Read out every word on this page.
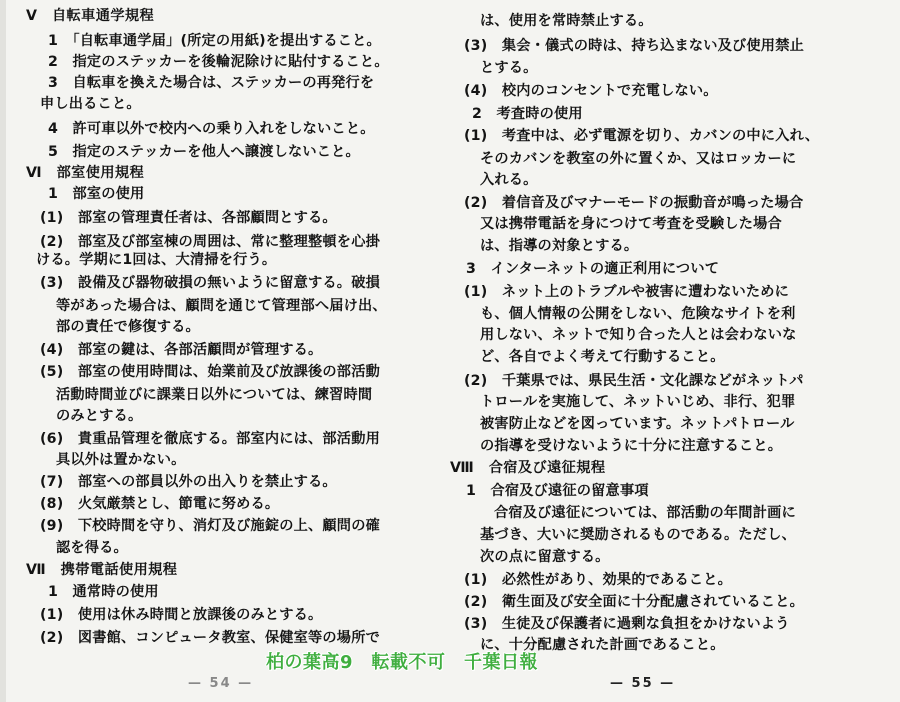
Ⅴ　自転車通学規程
1　「自転車通学届」(所定の用紙)を提出すること。
2　指定のステッカーを後輪泥除けに貼付すること。
3　自転車を換えた場合は、ステッカーの再発行を
申し出ること。
4　許可車以外で校内への乗り入れをしないこと。
5　指定のステッカーを他人へ譲渡しないこと。
Ⅵ　部室使用規程
1　部室の使用
(1)　部室の管理責任者は、各部顧問とする。
(2)　部室及び部室棟の周囲は、常に整理整頓を心掛
ける。学期に1回は、大清掃を行う。
(3)　設備及び器物破損の無いように留意する。破損
等があった場合は、顧問を通じて管理部へ届け出、
部の責任で修復する。
(4)　部室の鍵は、各部活顧問が管理する。
(5)　部室の使用時間は、始業前及び放課後の部活動
活動時間並びに課業日以外については、練習時間
のみとする。
(6)　貴重品管理を徹底する。部室内には、部活動用
具以外は置かない。
(7)　部室への部員以外の出入りを禁止する。
(8)　火気厳禁とし、節電に努める。
(9)　下校時間を守り、消灯及び施錠の上、顧問の確
認を得る。
Ⅶ　携帯電話使用規程
1　通常時の使用
(1)　使用は休み時間と放課後のみとする。
(2)　図書館、コンピュータ教室、保健室等の場所で
は、使用を常時禁止する。
(3)　集会・儀式の時は、持ち込まない及び使用禁止
とする。
(4)　校内のコンセントで充電しない。
2　考査時の使用
(1)　考査中は、必ず電源を切り、カバンの中に入れ、
そのカバンを教室の外に置くか、又はロッカーに
入れる。
(2)　着信音及びマナーモードの振動音が鳴った場合
又は携帯電話を身につけて考査を受験した場合
は、指導の対象とする。
3　インターネットの適正利用について
(1)　ネット上のトラブルや被害に遭わないために
も、個人情報の公開をしない、危険なサイトを利
用しない、ネットで知り合った人とは会わないな
ど、各自でよく考えて行動すること。
(2)　千葉県では、県民生活・文化課などがネットパ
トロールを実施して、ネットいじめ、非行、犯罪
被害防止などを図っています。ネットパトロール
の指導を受けないように十分に注意すること。
Ⅷ　合宿及び遠征規程
1　合宿及び遠征の留意事項
合宿及び遠征については、部活動の年間計画に
基づき、大いに奨励されるものである。ただし、
次の点に留意する。
(1)　必然性があり、効果的であること。
(2)　衛生面及び安全面に十分配慮されていること。
(3)　生徒及び保護者に過剰な負担をかけないよう
に、十分配慮された計画であること。
— 54 —	— 55 —
柏の葉高9　転載不可　千葉日報
